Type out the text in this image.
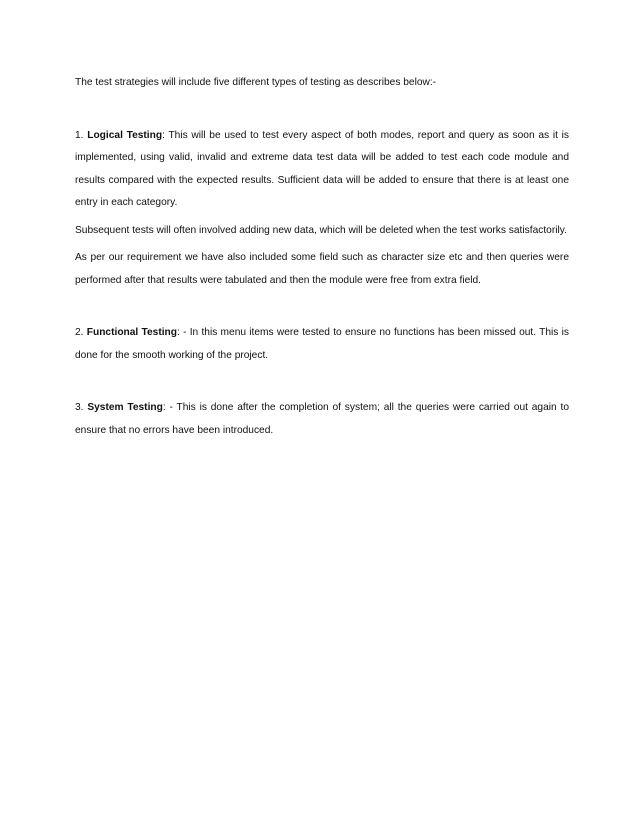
The test strategies will include five different types of testing as describes below:-

1. Logical Testing: This will be used to test every aspect of both modes, report and query as soon as it is implemented, using valid, invalid and extreme data test data will be added to test each code module and results compared with the expected results. Sufficient data will be added to ensure that there is at least one entry in each category.

Subsequent tests will often involved adding new data, which will be deleted when the test works satisfactorily.

As per our requirement we have also included some field such as character size etc and then queries were performed after that results were tabulated and then the module were free from extra field.

2. Functional Testing: - In this menu items were tested to ensure no functions has been missed out. This is done for the smooth working of the project.

3. System Testing: - This is done after the completion of system; all the queries were carried out again to ensure that no errors have been introduced.
